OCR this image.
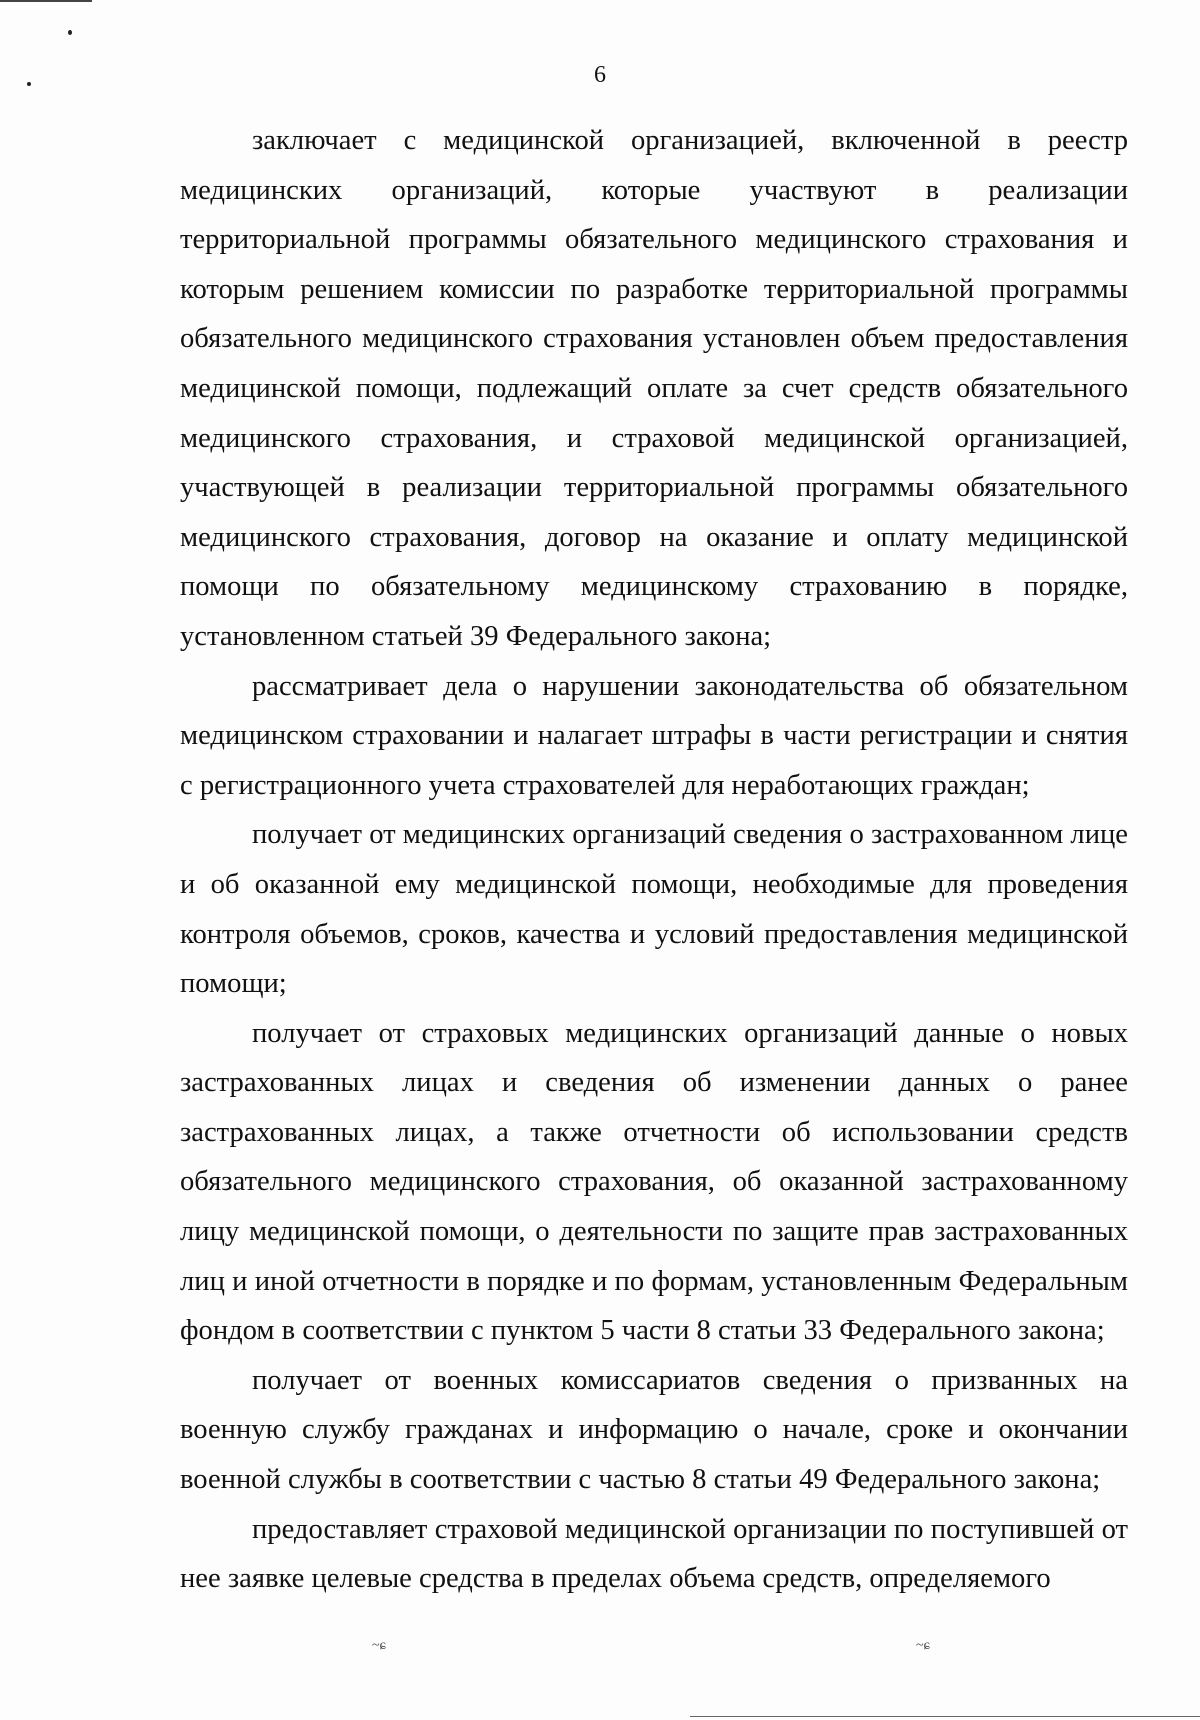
6

заключает с медицинской организацией, включенной в реестр медицинских организаций, которые участвуют в реализации территориальной программы обязательного медицинского страхования и которым решением комиссии по разработке территориальной программы обязательного медицинского страхования установлен объем предоставления медицинской помощи, подлежащий оплате за счет средств обязательного медицинского страхования, и страховой медицинской организацией, участвующей в реализации территориальной программы обязательного медицинского страхования, договор на оказание и оплату медицинской помощи по обязательному медицинскому страхованию в порядке, установленном статьей 39 Федерального закона;

рассматривает дела о нарушении законодательства об обязательном медицинском страховании и налагает штрафы в части регистрации и снятия с регистрационного учета страхователей для неработающих граждан;

получает от медицинских организаций сведения о застрахованном лице и об оказанной ему медицинской помощи, необходимые для проведения контроля объемов, сроков, качества и условий предоставления медицинской помощи;

получает от страховых медицинских организаций данные о новых застрахованных лицах и сведения об изменении данных о ранее застрахованных лицах, а также отчетности об использовании средств обязательного медицинского страхования, об оказанной застрахованному лицу медицинской помощи, о деятельности по защите прав застрахованных лиц и иной отчетности в порядке и по формам, установленным Федеральным фондом в соответствии с пунктом 5 части 8 статьи 33 Федерального закона;

получает от военных комиссариатов сведения о призванных на военную службу гражданах и информацию о начале, сроке и окончании военной службы в соответствии с частью 8 статьи 49 Федерального закона;

предоставляет страховой медицинской организации по поступившей от нее заявке целевые средства в пределах объема средств, определяемого

~ɕ	~ɕ
